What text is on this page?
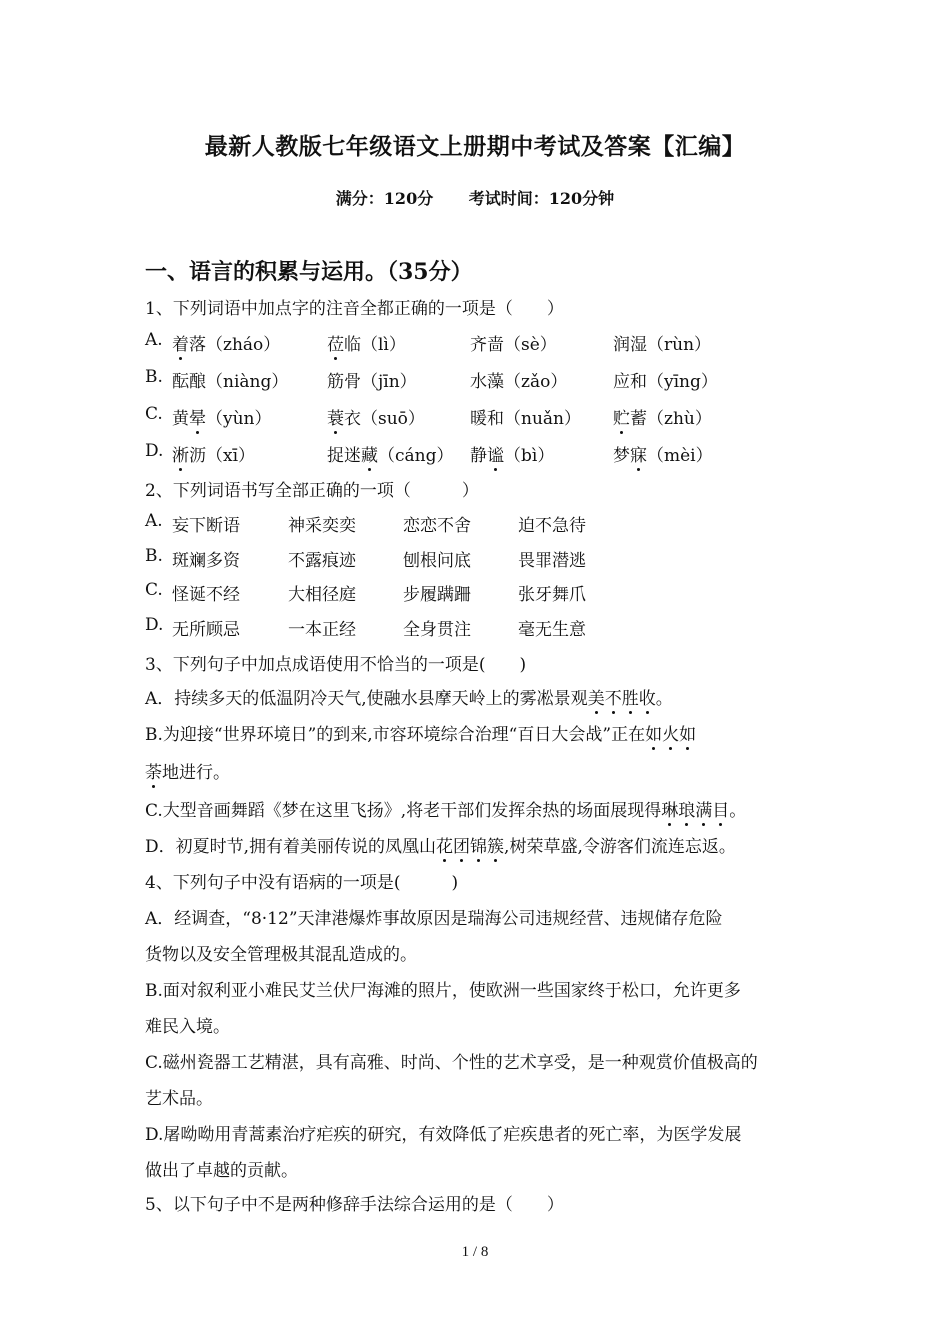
最新人教版七年级语文上册期中考试及答案【汇编】
满分：120分 考试时间：120分钟
一、语言的积累与运用。（35分）
1、下列词语中加点字的注音全都正确的一项是（　　）
A. 着落（zháo）	莅临（lì）	齐啬（sè）	润湿（rùn）
B. 酝酿（niàng） 筋骨（jīn）	水藻（zǎo）	应和（yīng）
C. 黄晕（yùn）	蓑衣（suō）	暖和（nuǎn） 贮蓄（zhù）
D. 淅沥（xī）	捉迷藏（cáng） 静谧（bì）	梦寐（mèi）
2、下列词语书写全部正确的一项（　　　）
A. 妄下断语	神采奕奕	恋恋不舍	迫不急待
B. 斑斓多资	不露痕迹	刨根问底	畏罪潜逃
C. 怪诞不经	大相径庭	步履蹒跚	张牙舞爪
D. 无所顾忌	一本正经	全身贯注	毫无生意
3、下列句子中加点成语使用不恰当的一项是(　　)
A．持续多天的低温阴冷天气,使融水县摩天岭上的雾凇景观美不胜收。
B.为迎接“世界环境日”的到来,市容环境综合治理“百日大会战”正在如火如
荼地进行。
C.大型音画舞蹈《梦在这里飞扬》,将老干部们发挥余热的场面展现得琳琅满目。
D．初夏时节,拥有着美丽传说的凤凰山花团锦簇,树荣草盛,令游客们流连忘返。
4、下列句子中没有语病的一项是(　　　)
A．经调查，“8·12”天津港爆炸事故原因是瑞海公司违规经营、违规储存危险
货物以及安全管理极其混乱造成的。
B.面对叙利亚小难民艾兰伏尸海滩的照片，使欧洲一些国家终于松口，允许更多
难民入境。
C.磁州瓷器工艺精湛，具有高雅、时尚、个性的艺术享受，是一种观赏价值极高的
艺术品。
D.屠呦呦用青蒿素治疗疟疾的研究，有效降低了疟疾患者的死亡率，为医学发展
做出了卓越的贡献。
5、以下句子中不是两种修辞手法综合运用的是（　　）
1 / 8
